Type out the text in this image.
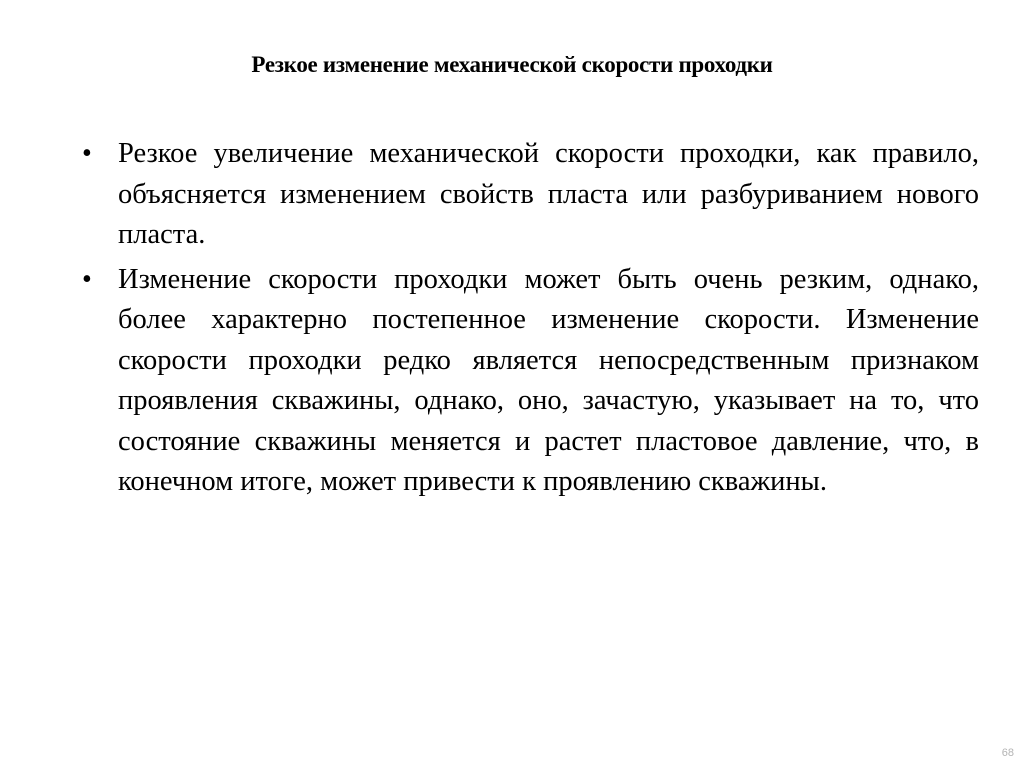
Резкое изменение механической скорости проходки
• Резкое увеличение механической скорости проходки, как правило, объясняется изменением свойств пласта или разбуриванием нового пласта.
• Изменение скорости проходки может быть очень резким, однако, более характерно постепенное изменение скорости. Изменение скорости проходки редко является непосредственным признаком проявления скважины, однако, оно, зачастую, указывает на то, что состояние скважины меняется и растет пластовое давление, что, в конечном итоге, может привести к проявлению скважины.
68
